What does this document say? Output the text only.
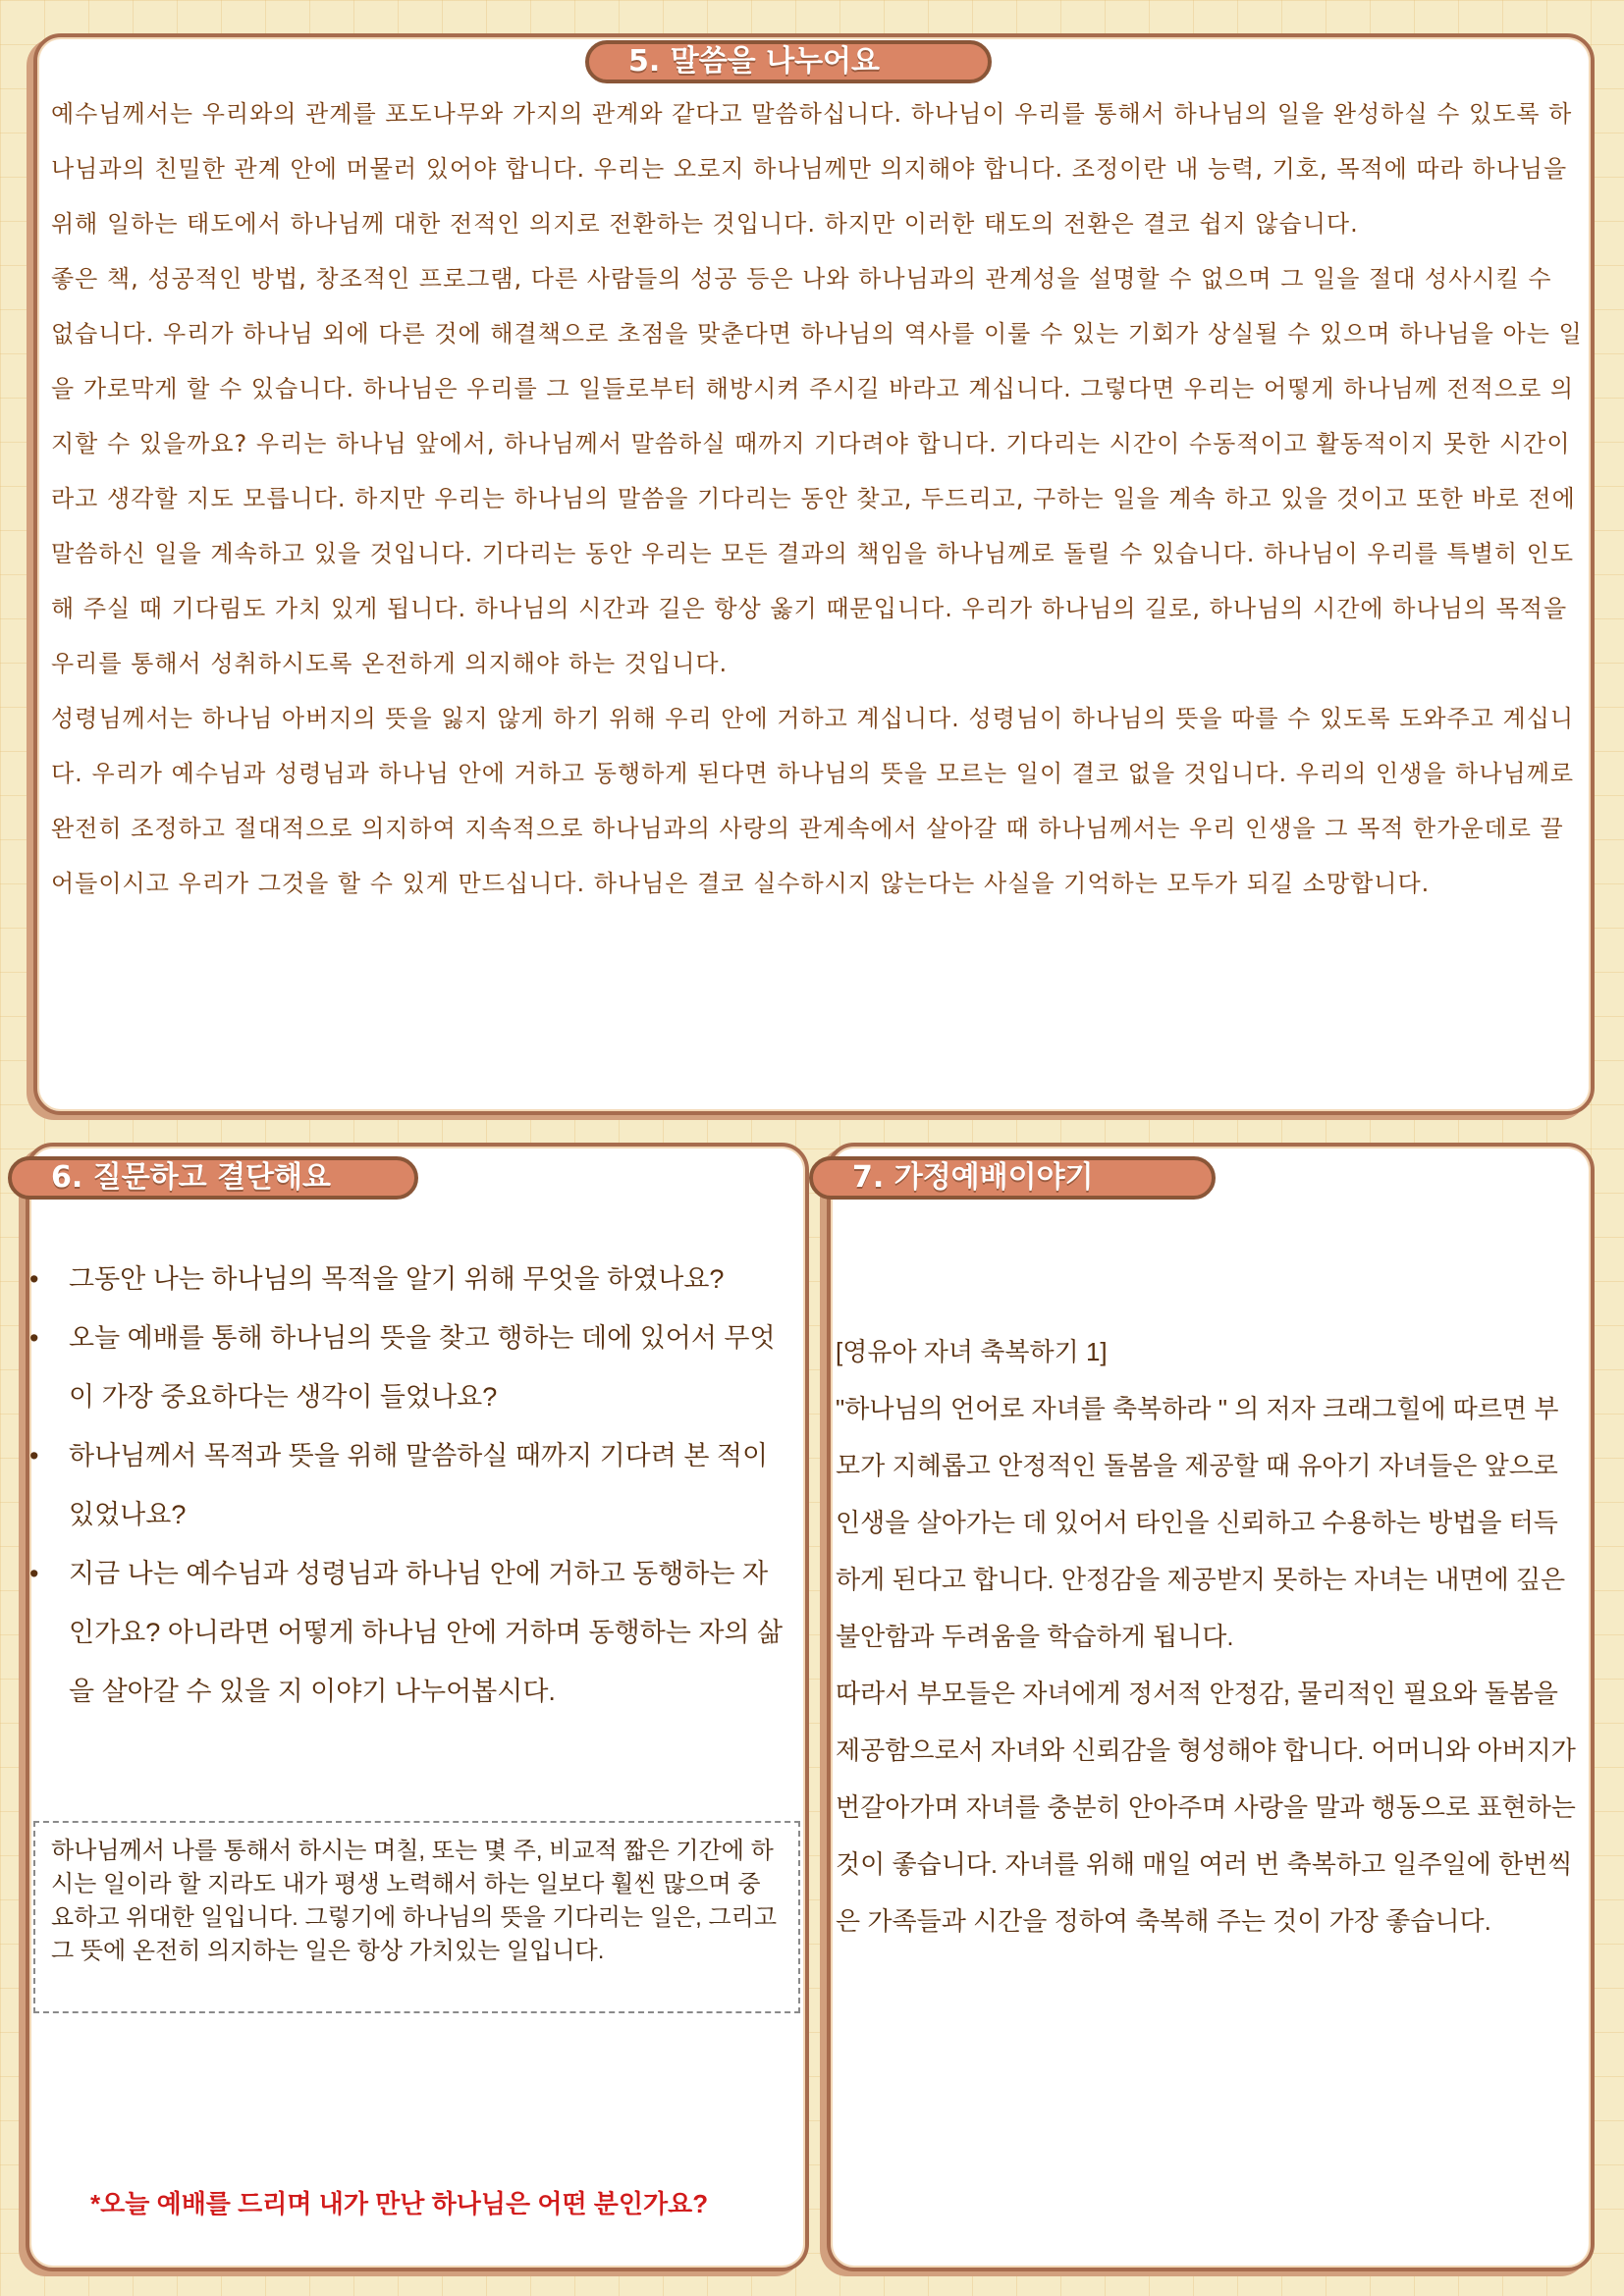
5. 말씀을 나누어요

예수님께서는 우리와의 관계를 포도나무와 가지의 관계와 같다고 말씀하십니다. 하나님이 우리를 통해서 하나님의 일을 완성하실 수 있도록 하나님과의 친밀한 관계 안에 머물러 있어야 합니다. 우리는 오로지 하나님께만 의지해야 합니다. 조정이란 내 능력, 기호, 목적에 따라 하나님을 위해 일하는 태도에서 하나님께 대한 전적인 의지로 전환하는 것입니다. 하지만 이러한 태도의 전환은 결코 쉽지 않습니다.

좋은 책, 성공적인 방법, 창조적인 프로그램, 다른 사람들의 성공 등은 나와 하나님과의 관계성을 설명할 수 없으며 그 일을 절대 성사시킬 수 없습니다. 우리가 하나님 외에 다른 것에 해결책으로 초점을 맞춘다면 하나님의 역사를 이룰 수 있는 기회가 상실될 수 있으며 하나님을 아는 일을 가로막게 할 수 있습니다. 하나님은 우리를 그 일들로부터 해방시켜 주시길 바라고 계십니다. 그렇다면 우리는 어떻게 하나님께 전적으로 의지할 수 있을까요? 우리는 하나님 앞에서, 하나님께서 말씀하실 때까지 기다려야 합니다. 기다리는 시간이 수동적이고 활동적이지 못한 시간이라고 생각할 지도 모릅니다. 하지만 우리는 하나님의 말씀을 기다리는 동안 찾고, 두드리고, 구하는 일을 계속 하고 있을 것이고 또한 바로 전에 말씀하신 일을 계속하고 있을 것입니다. 기다리는 동안 우리는 모든 결과의 책임을 하나님께로 돌릴 수 있습니다. 하나님이 우리를 특별히 인도해 주실 때 기다림도 가치 있게 됩니다. 하나님의 시간과 길은 항상 옳기 때문입니다. 우리가 하나님의 길로, 하나님의 시간에 하나님의 목적을 우리를 통해서 성취하시도록 온전하게 의지해야 하는 것입니다.

성령님께서는 하나님 아버지의 뜻을 잃지 않게 하기 위해 우리 안에 거하고 계십니다. 성령님이 하나님의 뜻을 따를 수 있도록 도와주고 계십니다. 우리가 예수님과 성령님과 하나님 안에 거하고 동행하게 된다면 하나님의 뜻을 모르는 일이 결코 없을 것입니다. 우리의 인생을 하나님께로 완전히 조정하고 절대적으로 의지하여 지속적으로 하나님과의 사랑의 관계속에서 살아갈 때 하나님께서는 우리 인생을 그 목적 한가운데로 끌어들이시고 우리가 그것을 할 수 있게 만드십니다. 하나님은 결코 실수하시지 않는다는 사실을 기억하는 모두가 되길 소망합니다.

6. 질문하고 결단해요
• 그동안 나는 하나님의 목적을 알기 위해 무엇을 하였나요?
• 오늘 예배를 통해 하나님의 뜻을 찾고 행하는 데에 있어서 무엇이 가장 중요하다는 생각이 들었나요?
• 하나님께서 목적과 뜻을 위해 말씀하실 때까지 기다려 본 적이 있었나요?
• 지금 나는 예수님과 성령님과 하나님 안에 거하고 동행하는 자인가요? 아니라면 어떻게 하나님 안에 거하며 동행하는 자의 삶을 살아갈 수 있을 지 이야기 나누어봅시다.
하나님께서 나를 통해서 하시는 며칠, 또는 몇 주, 비교적 짧은 기간에 하시는 일이라 할 지라도 내가 평생 노력해서 하는 일보다 훨씬 많으며 중요하고 위대한 일입니다. 그렇기에 하나님의 뜻을 기다리는 일은, 그리고 그 뜻에 온전히 의지하는 일은 항상 가치있는 일입니다.
*오늘 예배를 드리며 내가 만난 하나님은 어떤 분인가요?
7. 가정예배이야기

[영유아 자녀 축복하기 1]

"하나님의 언어로 자녀를 축복하라 " 의 저자 크래그힐에 따르면 부모가 지혜롭고 안정적인 돌봄을 제공할 때 유아기 자녀들은 앞으로 인생을 살아가는 데 있어서 타인을 신뢰하고 수용하는 방법을 터득하게 된다고 합니다. 안정감을 제공받지 못하는 자녀는 내면에 깊은 불안함과 두려움을 학습하게 됩니다.

따라서 부모들은 자녀에게 정서적 안정감, 물리적인 필요와 돌봄을 제공함으로서 자녀와 신뢰감을 형성해야 합니다. 어머니와 아버지가 번갈아가며 자녀를 충분히 안아주며 사랑을 말과 행동으로 표현하는 것이 좋습니다. 자녀를 위해 매일 여러 번 축복하고 일주일에 한번씩은 가족들과 시간을 정하여 축복해 주는 것이 가장 좋습니다.
